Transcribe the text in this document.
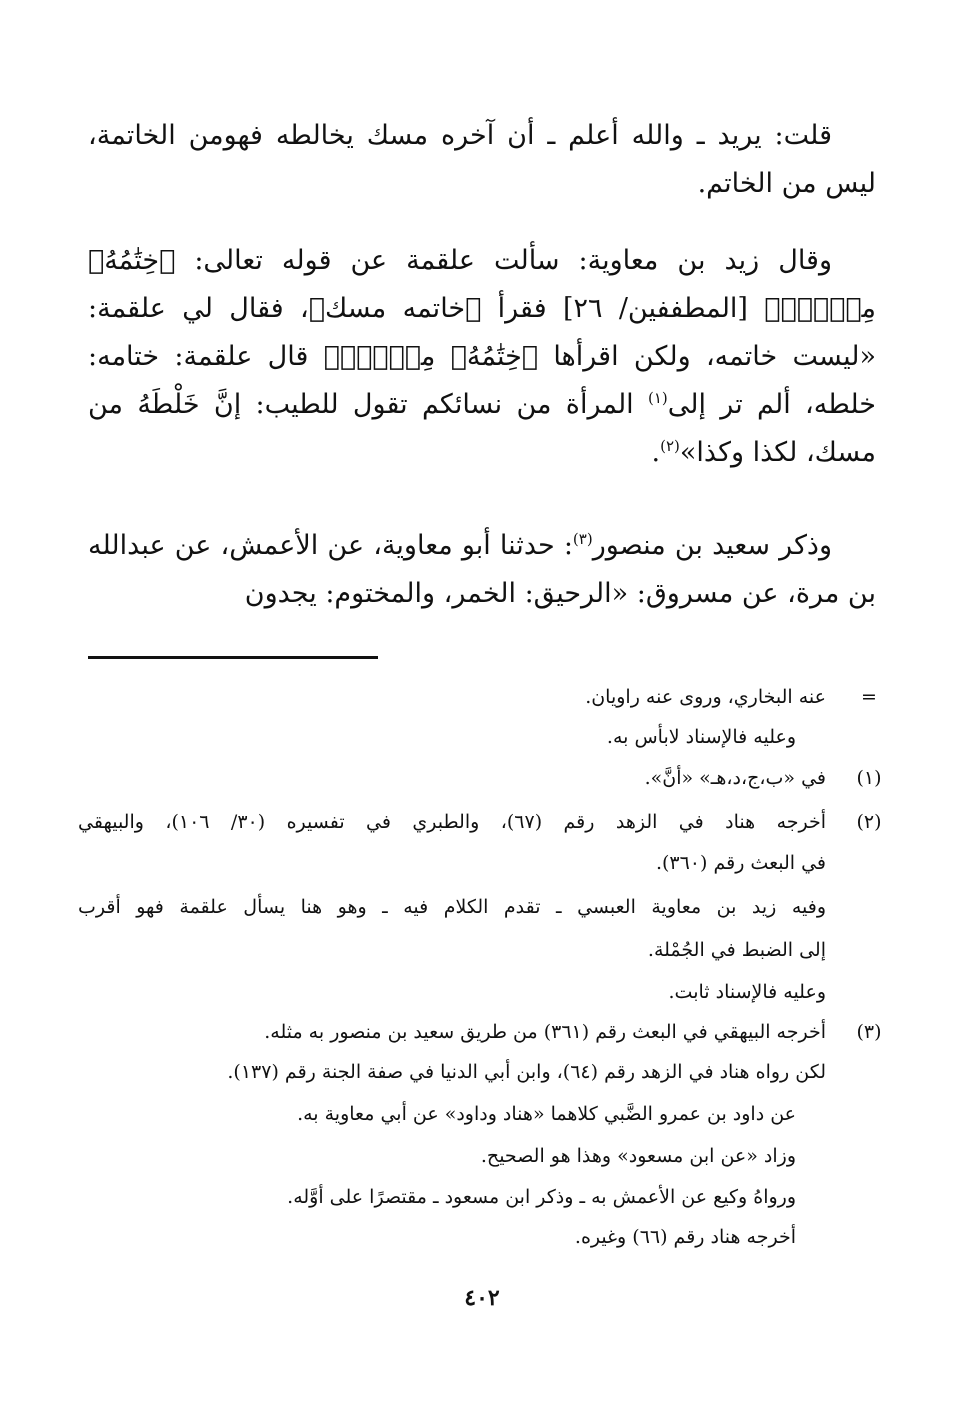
قلت: يريد ـ والله أعلم ـ أن آخره مسك يخالطه فهومن الخاتمة، ليس من الخاتم.

وقال زيد بن معاوية: سألت علقمة عن قوله تعالى: ﴿خِتَٰمُهُۥ مِسۡكٌۚ﴾ [المطففين/ ٢٦] فقرأ ﴿خاتمه مسك﴾، فقال لي علقمة: «ليست خاتمه، ولكن اقرأها ﴿خِتَٰمُهُۥ مِسۡكٌۚ﴾ قال علقمة: ختامه: خلطه، ألم تر إلى$^{(١)}$ المرأة من نسائكم تقول للطيب: إنَّ خَلْطَهُ من مسك، لكذا وكذا»$^{(٢)}$.

وذكر سعيد بن منصور$^{(٣)}$: حدثنا أبو معاوية، عن الأعمش، عن عبدالله بن مرة، عن مسروق: «الرحيق: الخمر، والمختوم: يجدون

=
عنه البخاري، وروى عنه راويان.
وعليه فالإسناد لابأس به.
(١)
في «ب،ج،د،هـ» «أنَّ».
(٢)
أخرجه هناد في الزهد رقم (٦٧)، والطبري في تفسيره (٣٠/ ١٠٦)، والبيهقي
في البعث رقم (٣٦٠).
وفيه زيد بن معاوية العبسي ـ تقدم الكلام فيه ـ وهو هنا يسأل علقمة فهو أقرب
إلى الضبط في الجُمْلة.
وعليه فالإسناد ثابت.
(٣)
أخرجه البيهقي في البعث رقم (٣٦١) من طريق سعيد بن منصور به مثله.
لكن رواه هناد في الزهد رقم (٦٤)، وابن أبي الدنيا في صفة الجنة رقم (١٣٧).
عن داود بن عمرو الضَّبي كلاهما «هناد وداود» عن أبي معاوية به.
وزاد «عن ابن مسعود» وهذا هو الصحيح.
ورواهُ وكيع عن الأعمش به ـ وذكر ابن مسعود ـ مقتصرًا على أوَّله.
أخرجه هناد رقم (٦٦) وغيره.
٤٠٢
